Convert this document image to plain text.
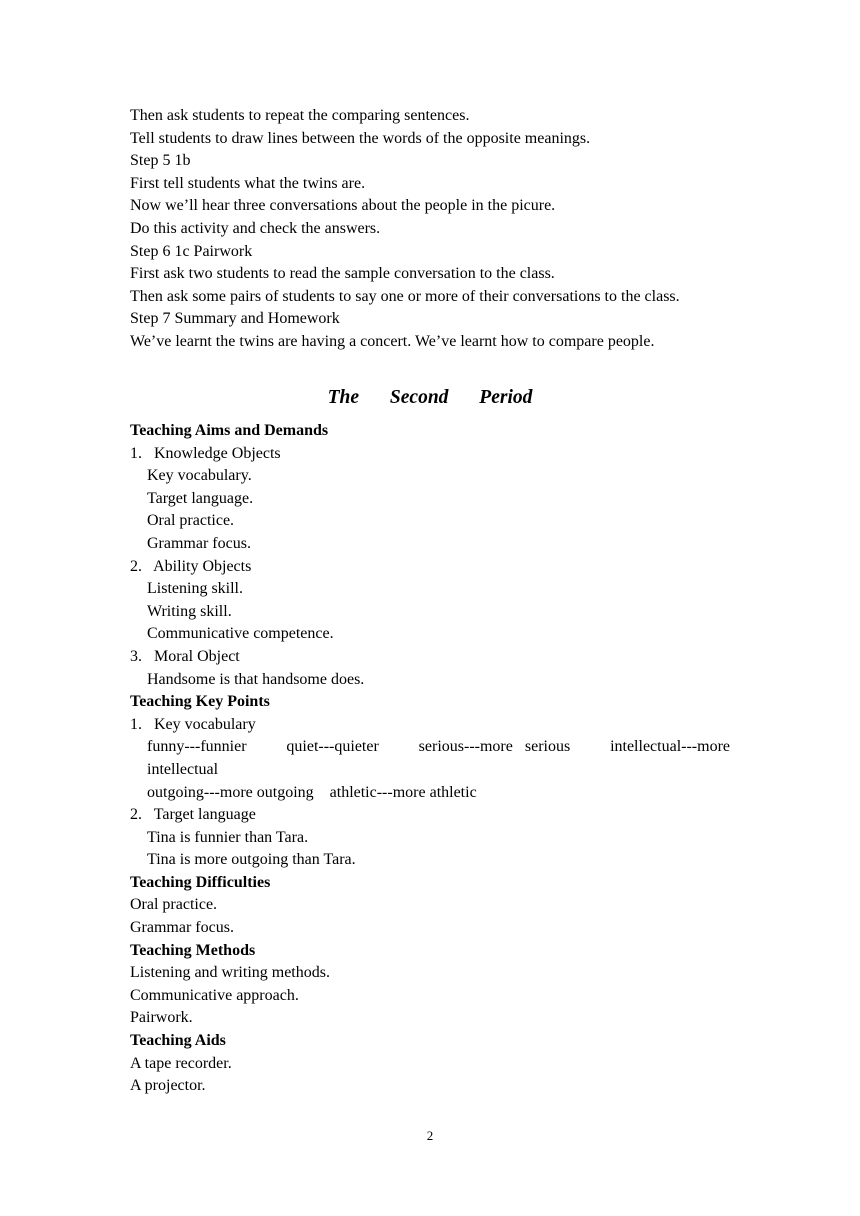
Then ask students to repeat the comparing sentences.
Tell students to draw lines between the words of the opposite meanings.
Step 5 1b
First tell students what the twins are.
Now we’ll hear three conversations about the people in the picure.
Do this activity and check the answers.
Step 6 1c Pairwork
First ask two students to read the sample conversation to the class.
Then ask some pairs of students to say one or more of their conversations to the class.
Step 7 Summary and Homework
We’ve learnt the twins are having a concert. We’ve learnt how to compare people.
The Second Period
Teaching Aims and Demands
1.   Knowledge Objects
Key vocabulary.
Target language.
Oral practice.
Grammar focus.
2.   Ability Objects
Listening skill.
Writing skill.
Communicative competence.
3.   Moral Object
Handsome is that handsome does.
Teaching Key Points
1.   Key vocabulary
funny---funnier quiet---quieter serious---more   serious intellectual---more
intellectual
outgoing---more outgoing    athletic---more athletic
2.   Target language
Tina is funnier than Tara.
Tina is more outgoing than Tara.
Teaching Difficulties
Oral practice.
Grammar focus.
Teaching Methods
Listening and writing methods.
Communicative approach.
Pairwork.
Teaching Aids
A tape recorder.
A projector.
2
